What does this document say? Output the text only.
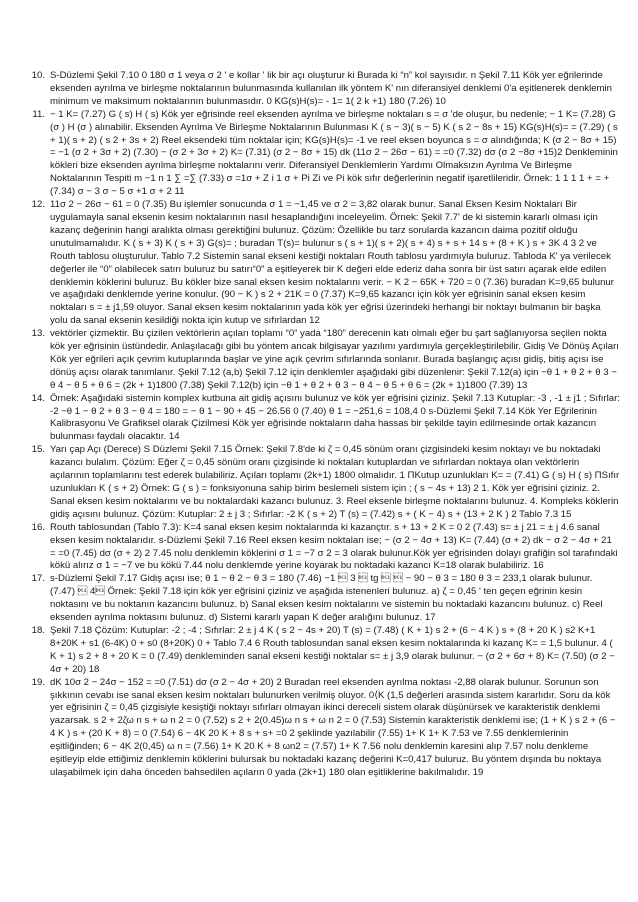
10. S-Düzlemi Şekil 7.10 0 180 σ 1 veya σ 2 ' e kollar ' lik bir açı oluşturur ki Burada ki “n” kol sayısıdır. n Şekil 7.11 Kök yer eğrilerinde eksenden ayrılma ve birleşme noktalarının bulunmasında kullanılan ilk yöntem K' nın diferansiyel denklemi 0'a eşitlenerek denklemin minimum ve maksimum noktalarının bulunmasıdır. 0 KG(s)H(s)= - 1= 1( 2 k +1) 180 (7.26) 10
11. − 1 K= (7.27) G ( s) H ( s) Kök yer eğrisinde reel eksenden ayrılma ve birleşme noktaları s = σ 'de oluşur, bu nedenle; − 1 K= (7.28) G (σ ) H (σ ) alınabilir. Eksenden Ayrılma Ve Birleşme Noktalarının Bulunması K ( s − 3)( s − 5) K ( s 2 − 8s + 15) KG(s)H(s)= = (7.29) ( s + 1)( s + 2) ( s 2 + 3s + 2) Reel eksendeki tüm noktalar için; KG(s)H(s)= -1 ve reel eksen boyunca s = σ alındığında; K (σ 2 − 8σ + 15) = −1 (σ 2 + 3σ + 2) (7.30) − (σ 2 + 3σ + 2) K= (7.31) (σ 2 − 8σ + 15) dk (11σ 2 − 26σ − 61) = =0 (7.32) dσ (σ 2 −8σ +15)2 Denkleminin kökleri bize eksenden ayrılma birleşme noktalarını verir. Diferansiyel Denklemlerin Yardımı Olmaksızın Ayrılma Ve Birleşme Noktalarının Tespiti m −1 n 1 ∑ =∑ (7.33) σ =1σ + Z i 1 σ + Pi Zi ve Pi kök sıfır değerlerinin negatif işaretlileridir. Örnek: 1 1 1 1 + = + (7.34) σ − 3 σ − 5 σ +1 σ + 2 11
12. 11σ 2 − 26σ − 61 = 0 (7.35) Bu işlemler sonucunda σ 1 = −1,45 ve σ 2 = 3,82 olarak bunur. Sanal Eksen Kesim Noktaları Bir uygulamayla sanal eksenin kesim noktalarının nasıl hesaplandığını inceleyelim. Örnek: Şekil 7.7' de ki sistemin kararlı olması için kazanç değerinin hangi aralıkta olması gerektiğini bulunuz. Çözüm: Özellikle bu tarz sorularda kazancın daima pozitif olduğu unutulmamalıdır. K ( s + 3) K ( s + 3) G(s)= ; buradan T(s)= bulunur s ( s + 1)( s + 2)( s + 4) s + s + 14 s + (8 + K ) s + 3K 4 3 2 ve Routh tablosu oluşturulur. Tablo 7.2 Sistemin sanal ekseni kestiği noktaları Routh tablosu yardımıyla buluruz. Tabloda K' ya verilecek değerler ile “0” olabilecek satırı buluruz bu satırı“0” a eşitleyerek bir K değeri elde ederiz daha sonra bir üst satırı açarak elde edilen denklemin köklerini buluruz. Bu kökler bize sanal eksen kesim noktalarını verir. − K 2 − 65K + 720 = 0 (7.36) buradan K=9,65 bulunur ve aşağıdaki denklemde yerine konulur. (90 − K ) s 2 + 21K = 0 (7.37) K=9,65 kazancı için kök yer eğrisinin sanal eksen kesim noktaları s = ± j1,59 oluyor. Sanal eksen kesim noktalarının yada kök yer eğrisi üzerindeki herhangi bir noktayı bulmanın bir başka yolu da sanal eksenin kesildiği nokta için kutup ve sıfırlardan 12
13. vektörler çizmektir. Bu çizilen vektörlerin açıları toplamı “0” yada “180” derecenin katı olmalı eğer bu şart sağlanıyorsa seçilen nokta kök yer eğrisinin üstündedir. Anlaşılacağı gibi bu yöntem ancak bilgisayar yazılımı yardımıyla gerçekleştirilebilir. Gidiş Ve Dönüş Açıları Kök yer eğrileri açık çevrim kutuplarında başlar ve yine açık çevrim sıfırlarında sonlanır. Burada başlangıç açısı gidiş, bitiş açısı ise dönüş açısı olarak tanımlanır. Şekil 7.12 (a,b) Şekil 7.12 için denklemler aşağıdaki gibi düzenlenir: Şekil 7.12(a) için −θ 1 + θ 2 + θ 3 − θ 4 − θ 5 + θ 6 = (2k + 1)1800 (7.38) Şekil 7.12(b) için −θ 1 + θ 2 + θ 3 − θ 4 − θ 5 + θ 6 = (2k + 1)1800 (7.39) 13
14. Örnek: Aşağıdaki sistemin komplex kutbuna ait gidiş açısını bulunuz ve kök yer eğrisini çiziniz. Şekil 7.13 Kutuplar: -3 , -1 ± j1 ; Sıfırlar: -2 −θ 1 − θ 2 + θ 3 − θ 4 = 180 = − θ 1 − 90 + 45 − 26.56 0 (7.40) θ 1 = −251,6 = 108,4 0 s-Düzlemi Şekil 7.14 Kök Yer Eğrilerinin Kalibrasyonu Ve Grafiksel olarak Çizilmesi Kök yer eğrisinde noktaların daha hassas bir şekilde tayin edilmesinde ortak kazancın bulunması faydalı olacaktır. 14
15. Yarı çap Açı (Derece) S Düzlemi Şekil 7.15 Örnek: Şekil 7.8'de ki ζ = 0,45 sönüm oranı çizgisindeki kesim noktayı ve bu noktadaki kazancı bulalım. Çözüm: Eğer ζ = 0,45 sönüm oranı çizgisinde ki noktaları kutuplardan ve sıfırlardan noktaya olan vektörlerin açılarının toplamlarını test ederek bulabiliriz. Açıları toplamı (2k+1) 1800 olmalıdır. 1 ΠKutup uzunlukları K= = (7.41) G ( s) H ( s) ΠSıfır uzunlukları K ( s + 2) Örnek: G ( s ) = fonksiyonuna sahip birim beslemeli sistem için ; ( s − 4s + 13) 2 1. Kök yer eğrisini çiziniz. 2. Sanal eksen kesim noktalarını ve bu noktalardaki kazancı bulunuz. 3. Reel eksenle birleşme noktalarını bulunuz. 4. Kompleks köklerin gidiş açısını bulunuz. Çözüm: Kutuplar: 2 ± j 3 ; Sıfırlar: -2 K ( s + 2) T (s) = (7.42) s + ( K − 4) s + (13 + 2 K ) 2 Tablo 7.3 15
16. Routh tablosundan (Tablo 7.3): K=4 sanal eksen kesim noktalarında ki kazançtır. s + 13 + 2 K = 0 2 (7.43) s= ± j 21 = ± j 4.6 sanal eksen kesim noktalarıdır. s-Düzlemi Şekil 7.16 Reel eksen kesim noktaları ise; − (σ 2 − 4σ + 13) K= (7.44) (σ + 2) dk − σ 2 − 4σ + 21 = =0 (7.45) dσ (σ + 2) 2 7.45 nolu denklemin köklerini σ 1 = −7 σ 2 = 3 olarak bulunur.Kök yer eğrisinden dolayı grafiğin sol tarafındaki kökü alırız σ 1 = −7 ve bu kökü 7.44 nolu denklemde yerine koyarak bu noktadaki kazancı K=18 olarak bulabiliriz. 16
17. s-Düzlemi Şekil 7.17 Gidiş açısı ise; θ 1 − θ 2 − θ 3 = 180 (7.46) −1  3  tg   − 90 − θ 3 = 180 θ 3 = 233,1 olarak bulunur. (7.47)  4 Örnek: Şekil 7.18 için kök yer eğrisini çiziniz ve aşağıda istenenleri bulunuz. a) ζ = 0,45 ' ten geçen eğrinin kesin noktasını ve bu noktanın kazancını bulunuz. b) Sanal eksen kesim noktalarını ve sistemin bu noktadaki kazancını bulunuz. c) Reel eksenden ayrılma noktasını bulunuz. d) Sistemi kararlı yapan K değer aralığını bulunuz. 17
18. Şekil 7.18 Çözüm: Kutuplar: -2 ; -4 ; Sıfırlar: 2 ± j 4 K ( s 2 − 4s + 20) T (s) = (7.48) ( K + 1) s 2 + (6 − 4 K ) s + (8 + 20 K ) s2 K+1 8+20K + s1 (6-4K) 0 + s0 (8+20K) 0 + Tablo 7.4 6 Routh tablosundan sanal eksen kesim noktalarında ki kazanç K= = 1,5 bulunur. 4 ( K + 1) s 2 + 8 + 20 K = 0 (7.49) denkleminden sanal ekseni kestiği noktalar s= ± j 3,9 olarak bulunur. − (σ 2 + 6σ + 8) K= (7.50) (σ 2 − 4σ + 20) 18
19. dK 10σ 2 − 24σ − 152 = =0 (7.51) dσ (σ 2 − 4σ + 20) 2 Buradan reel eksenden ayrılma noktası -2,88 olarak bulunur. Sorunun son şıkkının cevabı ise sanal eksen kesim noktaları bulunurken verilmiş oluyor. 0⟨K (1,5 değerleri arasında sistem kararlıdır. Soru da kök yer eğrisinin ζ = 0,45 çizgisiyle kesiştiği noktayı sıfırları olmayan ikinci dereceli sistem olarak düşünürsek ve karakteristik denklemi yazarsak. s 2 + 2ζω n s + ω n 2 = 0 (7.52) s 2 + 2(0.45)ω n s + ω n 2 = 0 (7.53) Sistemin karakteristik denklemi ise; (1 + K ) s 2 + (6 − 4 K ) s + (20 K + 8) = 0 (7.54) 6 − 4K 20 K + 8 s + s+ =0 2 şeklinde yazılabilir (7.55) 1+ K 1+ K 7.53 ve 7.55 denklemlerinin eşitliğinden; 6 − 4K 2(0,45) ω n = (7.56) 1+ K 20 K + 8 ωn2 = (7.57) 1+ K 7.56 nolu denklemin karesini alıp 7.57 nolu denkleme eşitleyip elde ettiğimiz denklemin köklerini bulursak bu noktadaki kazanç değerini K=0,417 buluruz. Bu yöntem dışında bu noktaya ulaşabilmek için daha önceden bahsedilen açıların 0 yada (2k+1) 180 olan eşitliklerine bakılmalıdır. 19
